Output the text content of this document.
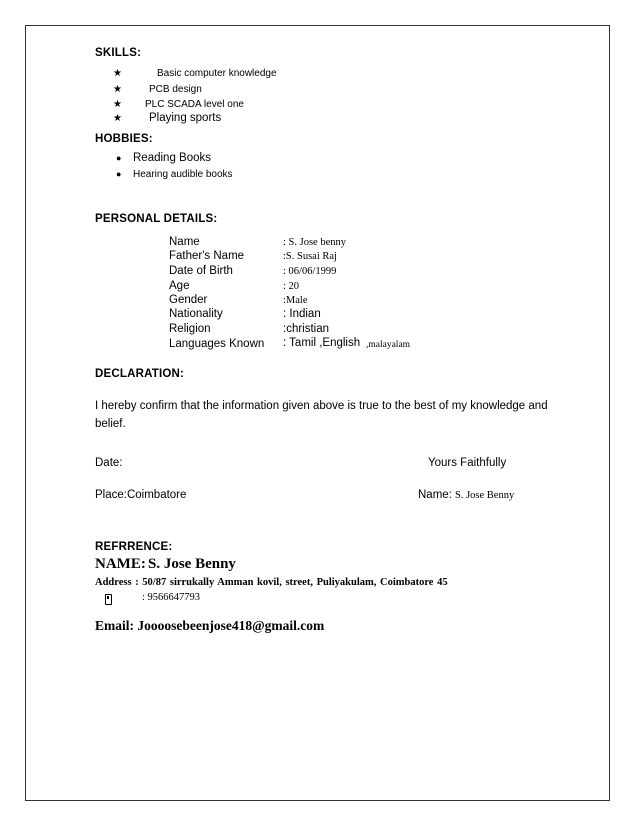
SKILLS:
★	Basic computer knowledge
★	PCB design
★ PLC SCADA level one
★ Playing sports
HOBBIES:
● Reading Books
● Hearing audible books
PERSONAL DETAILS:
Name	: S. Jose benny
Father's Name	:S. Susai Raj
Date of Birth	: 06/06/1999
Age	: 20
Gender	:Male
Nationality	: Indian
Religion	:christian
Languages Known : Tamil ,English ,malayalam
DECLARATION:
I hereby confirm that the information given above is true to the best of my knowledge and belief.
Date:	Yours Faithfully
Place:Coimbatore	Name: S. Jose Benny
REFRRENCE:
NAME: S. Jose Benny
Address : 50/87 sirrukally Amman kovil, street, Puliyakulam, Coimbatore 45
: 9566647793
Email: Joooosebeenjose418@gmail.com
